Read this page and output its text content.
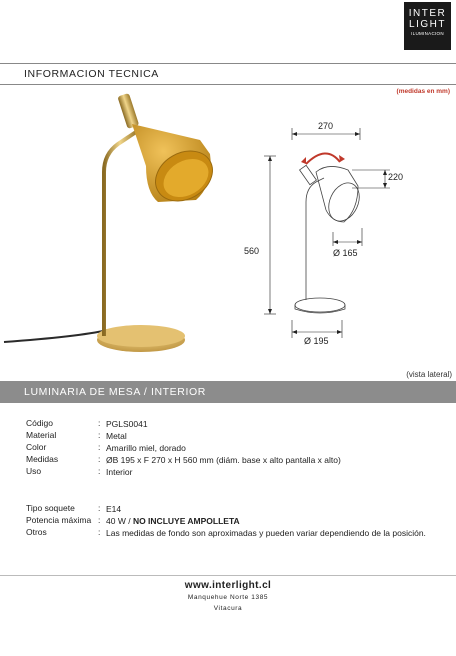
INTER
LIGHT
ILUMINACION
INFORMACION TECNICA
(medidas en mm)
270
220
560	Ø 165
Ø 195
(vista lateral)
LUMINARIA DE MESA / INTERIOR
Código	: PGLS0041
Material	: Metal
Color	: Amarillo miel, dorado
Medidas	: ØB 195 x F 270 x H 560 mm (diám. base x alto pantalla x alto)
Uso	: Interior
Tipo soquete	: E14
Potencia máxima : 40 W / NO INCLUYE AMPOLLETA
Otros	: Las medidas de fondo son aproximadas y pueden variar dependiendo de la posición.
www.interlight.cl
Manquehue Norte 1385
Vitacura
